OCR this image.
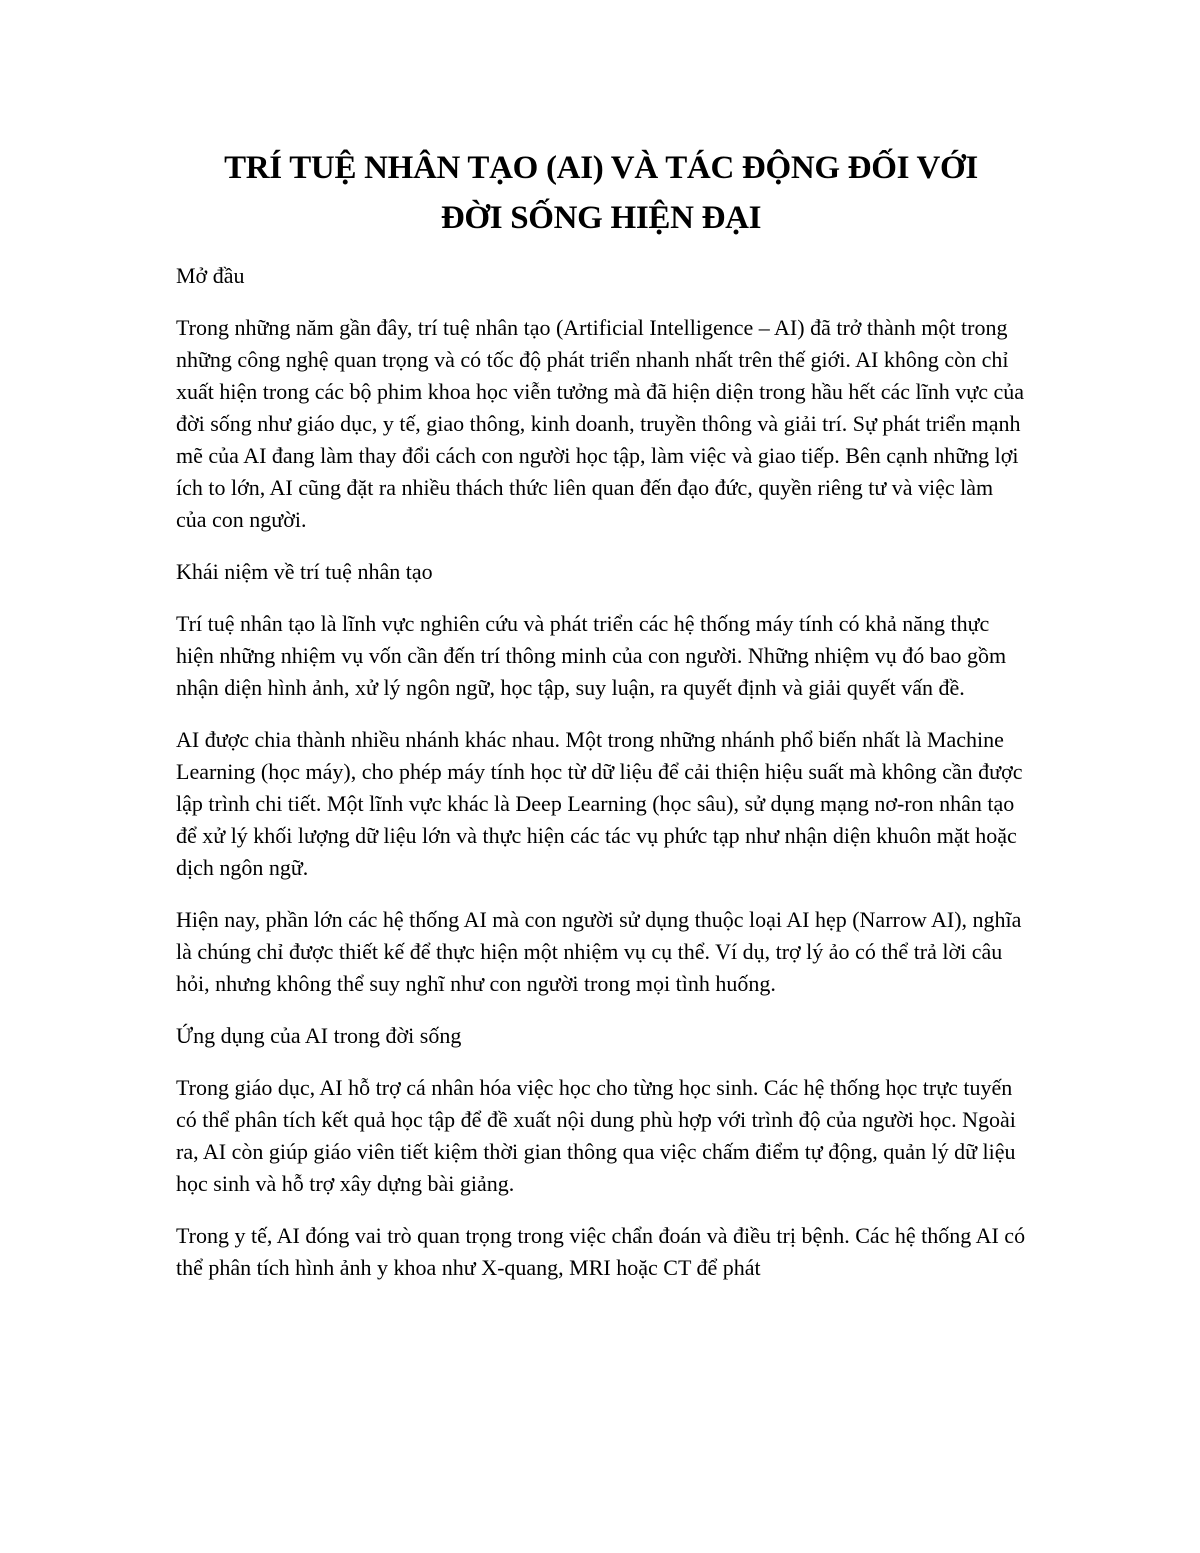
TRÍ TUỆ NHÂN TẠO (AI) VÀ TÁC ĐỘNG ĐỐI VỚI
ĐỜI SỐNG HIỆN ĐẠI

Mở đầu

Trong những năm gần đây, trí tuệ nhân tạo (Artificial Intelligence – AI) đã trở thành một trong những công nghệ quan trọng và có tốc độ phát triển nhanh nhất trên thế giới. AI không còn chỉ xuất hiện trong các bộ phim khoa học viễn tưởng mà đã hiện diện trong hầu hết các lĩnh vực của đời sống như giáo dục, y tế, giao thông, kinh doanh, truyền thông và giải trí. Sự phát triển mạnh mẽ của AI đang làm thay đổi cách con người học tập, làm việc và giao tiếp. Bên cạnh những lợi ích to lớn, AI cũng đặt ra nhiều thách thức liên quan đến đạo đức, quyền riêng tư và việc làm của con người.

Khái niệm về trí tuệ nhân tạo

Trí tuệ nhân tạo là lĩnh vực nghiên cứu và phát triển các hệ thống máy tính có khả năng thực hiện những nhiệm vụ vốn cần đến trí thông minh của con người. Những nhiệm vụ đó bao gồm nhận diện hình ảnh, xử lý ngôn ngữ, học tập, suy luận, ra quyết định và giải quyết vấn đề.

AI được chia thành nhiều nhánh khác nhau. Một trong những nhánh phổ biến nhất là Machine Learning (học máy), cho phép máy tính học từ dữ liệu để cải thiện hiệu suất mà không cần được lập trình chi tiết. Một lĩnh vực khác là Deep Learning (học sâu), sử dụng mạng nơ-ron nhân tạo để xử lý khối lượng dữ liệu lớn và thực hiện các tác vụ phức tạp như nhận diện khuôn mặt hoặc dịch ngôn ngữ.

Hiện nay, phần lớn các hệ thống AI mà con người sử dụng thuộc loại AI hẹp (Narrow AI), nghĩa là chúng chỉ được thiết kế để thực hiện một nhiệm vụ cụ thể. Ví dụ, trợ lý ảo có thể trả lời câu hỏi, nhưng không thể suy nghĩ như con người trong mọi tình huống.

Ứng dụng của AI trong đời sống

Trong giáo dục, AI hỗ trợ cá nhân hóa việc học cho từng học sinh. Các hệ thống học trực tuyến có thể phân tích kết quả học tập để đề xuất nội dung phù hợp với trình độ của người học. Ngoài ra, AI còn giúp giáo viên tiết kiệm thời gian thông qua việc chấm điểm tự động, quản lý dữ liệu học sinh và hỗ trợ xây dựng bài giảng.

Trong y tế, AI đóng vai trò quan trọng trong việc chẩn đoán và điều trị bệnh. Các hệ thống AI có thể phân tích hình ảnh y khoa như X-quang, MRI hoặc CT để phát
